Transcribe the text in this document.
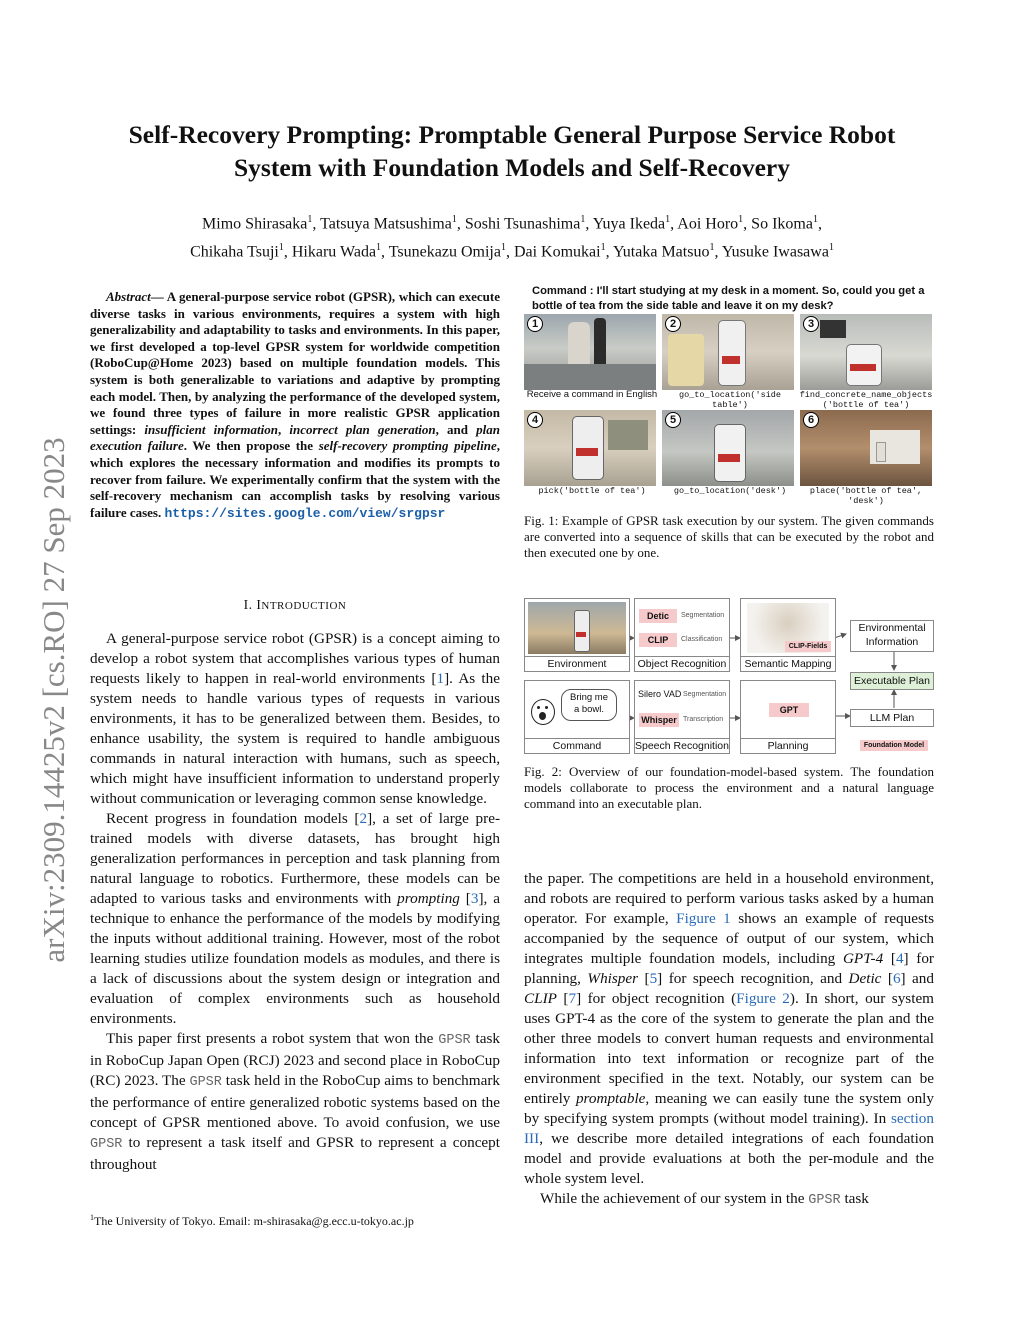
Self-Recovery Prompting: Promptable General Purpose Service Robot
System with Foundation Models and Self-Recovery
Mimo Shirasaka$^1$, Tatsuya Matsushima$^1$, Soshi Tsunashima$^1$, Yuya Ikeda$^1$, Aoi Horo$^1$, So Ikoma$^1$,
Chikaha Tsuji$^1$, Hikaru Wada$^1$, Tsunekazu Omija$^1$, Dai Komukai$^1$, Yutaka Matsuo$^1$, Yusuke Iwasawa$^1$
arXiv:2309.14425v2 [cs.RO] 27 Sep 2023
Abstract— A general-purpose service robot (GPSR), which can execute diverse tasks in various environments, requires a system with high generalizability and adaptability to tasks and environments. In this paper, we first developed a top-level GPSR system for worldwide competition (RoboCup@Home 2023) based on multiple foundation models. This system is both generalizable to variations and adaptive by prompting each model. Then, by analyzing the performance of the developed system, we found three types of failure in more realistic GPSR application settings: insufficient information, incorrect plan generation, and plan execution failure. We then propose the self-recovery prompting pipeline, which explores the necessary information and modifies its prompts to recover from failure. We experimentally confirm that the system with the self-recovery mechanism can accomplish tasks by resolving various failure cases. https://sites.google.com/view/srgpsr
I. INTRODUCTION

A general-purpose service robot (GPSR) is a concept aiming to develop a robot system that accomplishes various types of human requests likely to happen in real-world environments [1]. As the system needs to handle various types of requests in various environments, it has to be generalized between them. Besides, to enhance usability, the system is required to handle ambiguous commands in natural interaction with humans, such as speech, which might have insufficient information to understand properly without communication or leveraging common sense knowledge.

Recent progress in foundation models [2], a set of large pre-trained models with diverse datasets, has brought high generalization performances in perception and task planning from natural language to robotics. Furthermore, these models can be adapted to various tasks and environments with prompting [3], a technique to enhance the performance of the models by modifying the inputs without additional training. However, most of the robot learning studies utilize foundation models as modules, and there is a lack of discussions about the system design or integration and evaluation of complex environments such as household environments.

This paper first presents a robot system that won the GPSR task in RoboCup Japan Open (RCJ) 2023 and second place in RoboCup (RC) 2023. The GPSR task held in the RoboCup aims to benchmark the performance of entire generalized robotic systems based on the concept of GPSR mentioned above. To avoid confusion, we use GPSR to represent a task itself and GPSR to represent a concept throughout

$^1$The University of Tokyo. Email: m-shirasaka@g.ecc.u-tokyo.ac.jp
Command : I'll start studying at my desk in a moment. So, could you get a bottle of tea from the side table and leave it on my desk?
1	2	3
Receive a command in English	go_to_location('side table')
find_concrete_name_objects
('bottle of tea')
4	5	6
pick('bottle of tea')	go_to_location('desk')	place('bottle of tea', 'desk')
Fig. 1: Example of GPSR task execution by our system. The given commands are converted into a sequence of skills that can be executed by the robot and then executed one by one.
Environment
Detic	Segmentation
CLIP	Classification
Object Recognition
CLIP-Fields
Semantic Mapping
Bring me
a bowl.
Command
Silero VAD Segmentation
Whisper Transcription
Speech Recognition
GPT
Planning
Environmental
Information
Executable Plan
LLM Plan
Foundation Model
Fig. 2: Overview of our foundation-model-based system. The foundation models collaborate to process the environment and a natural language command into an executable plan.

the paper. The competitions are held in a household environment, and robots are required to perform various tasks asked by a human operator. For example, Figure 1 shows an example of requests accompanied by the sequence of output of our system, which integrates multiple foundation models, including GPT-4 [4] for planning, Whisper [5] for speech recognition, and Detic [6] and CLIP [7] for object recognition (Figure 2). In short, our system uses GPT-4 as the core of the system to generate the plan and the other three models to convert human requests and environmental information into text information or recognize part of the environment specified in the text. Notably, our system can be entirely promptable, meaning we can easily tune the system only by specifying system prompts (without model training). In section III, we describe more detailed integrations of each foundation model and provide evaluations at both the per-module and the whole system level.

While the achievement of our system in the GPSR task
